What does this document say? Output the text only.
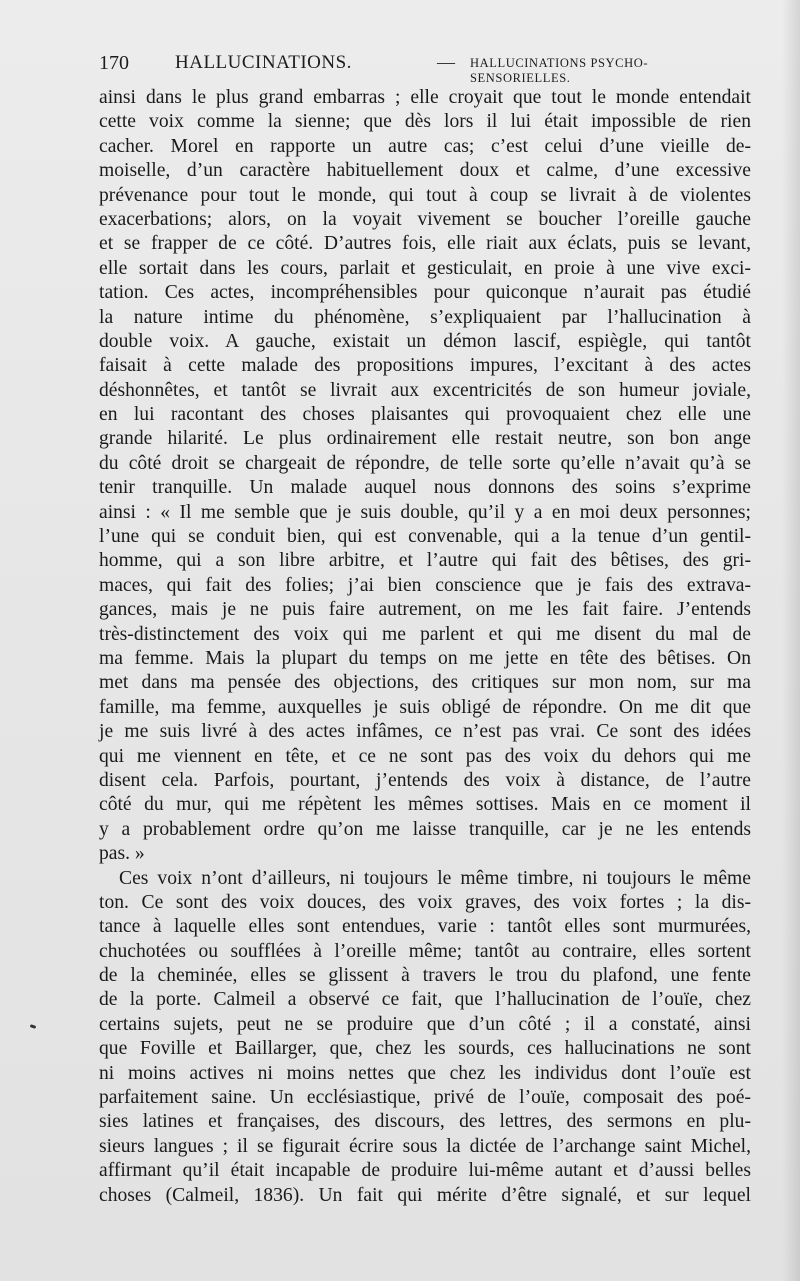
170 HALLUCINATIONS.	— HALLUCINATIONS PSYCHO-SENSORIELLES.
ainsi dans le plus grand embarras ; elle croyait que tout le monde entendait
cette voix comme la sienne; que dès lors il lui était impossible de rien
cacher. Morel en rapporte un autre cas; c’est celui d’une vieille de-
moiselle, d’un caractère habituellement doux et calme, d’une excessive
prévenance pour tout le monde, qui tout à coup se livrait à de violentes
exacerbations; alors, on la voyait vivement se boucher l’oreille gauche
et se frapper de ce côté. D’autres fois, elle riait aux éclats, puis se levant,
elle sortait dans les cours, parlait et gesticulait, en proie à une vive exci-
tation. Ces actes, incompréhensibles pour quiconque n’aurait pas étudié
la nature intime du phénomène, s’expliquaient par l’hallucination à
double voix. A gauche, existait un démon lascif, espiègle, qui tantôt
faisait à cette malade des propositions impures, l’excitant à des actes
déshonnêtes, et tantôt se livrait aux excentricités de son humeur joviale,
en lui racontant des choses plaisantes qui provoquaient chez elle une
grande hilarité. Le plus ordinairement elle restait neutre, son bon ange
du côté droit se chargeait de répondre, de telle sorte qu’elle n’avait qu’à se
tenir tranquille. Un malade auquel nous donnons des soins s’exprime
ainsi : « Il me semble que je suis double, qu’il y a en moi deux personnes;
l’une qui se conduit bien, qui est convenable, qui a la tenue d’un gentil-
homme, qui a son libre arbitre, et l’autre qui fait des bêtises, des gri-
maces, qui fait des folies; j’ai bien conscience que je fais des extrava-
gances, mais je ne puis faire autrement, on me les fait faire. J’entends
très-distinctement des voix qui me parlent et qui me disent du mal de
ma femme. Mais la plupart du temps on me jette en tête des bêtises. On
met dans ma pensée des objections, des critiques sur mon nom, sur ma
famille, ma femme, auxquelles je suis obligé de répondre. On me dit que
je me suis livré à des actes infâmes, ce n’est pas vrai. Ce sont des idées
qui me viennent en tête, et ce ne sont pas des voix du dehors qui me
disent cela. Parfois, pourtant, j’entends des voix à distance, de l’autre
côté du mur, qui me répètent les mêmes sottises. Mais en ce moment il
y a probablement ordre qu’on me laisse tranquille, car je ne les entends
pas. »
Ces voix n’ont d’ailleurs, ni toujours le même timbre, ni toujours le même
ton. Ce sont des voix douces, des voix graves, des voix fortes ; la dis-
tance à laquelle elles sont entendues, varie : tantôt elles sont murmurées,
chuchotées ou soufflées à l’oreille même; tantôt au contraire, elles sortent
de la cheminée, elles se glissent à travers le trou du plafond, une fente
de la porte. Calmeil a observé ce fait, que l’hallucination de l’ouïe, chez
certains sujets, peut ne se produire que d’un côté ; il a constaté, ainsi
que Foville et Baillarger, que, chez les sourds, ces hallucinations ne sont
ni moins actives ni moins nettes que chez les individus dont l’ouïe est
parfaitement saine. Un ecclésiastique, privé de l’ouïe, composait des poé-
sies latines et françaises, des discours, des lettres, des sermons en plu-
sieurs langues ; il se figurait écrire sous la dictée de l’archange saint Michel,
affirmant qu’il était incapable de produire lui-même autant et d’aussi belles
choses (Calmeil, 1836). Un fait qui mérite d’être signalé, et sur lequel
